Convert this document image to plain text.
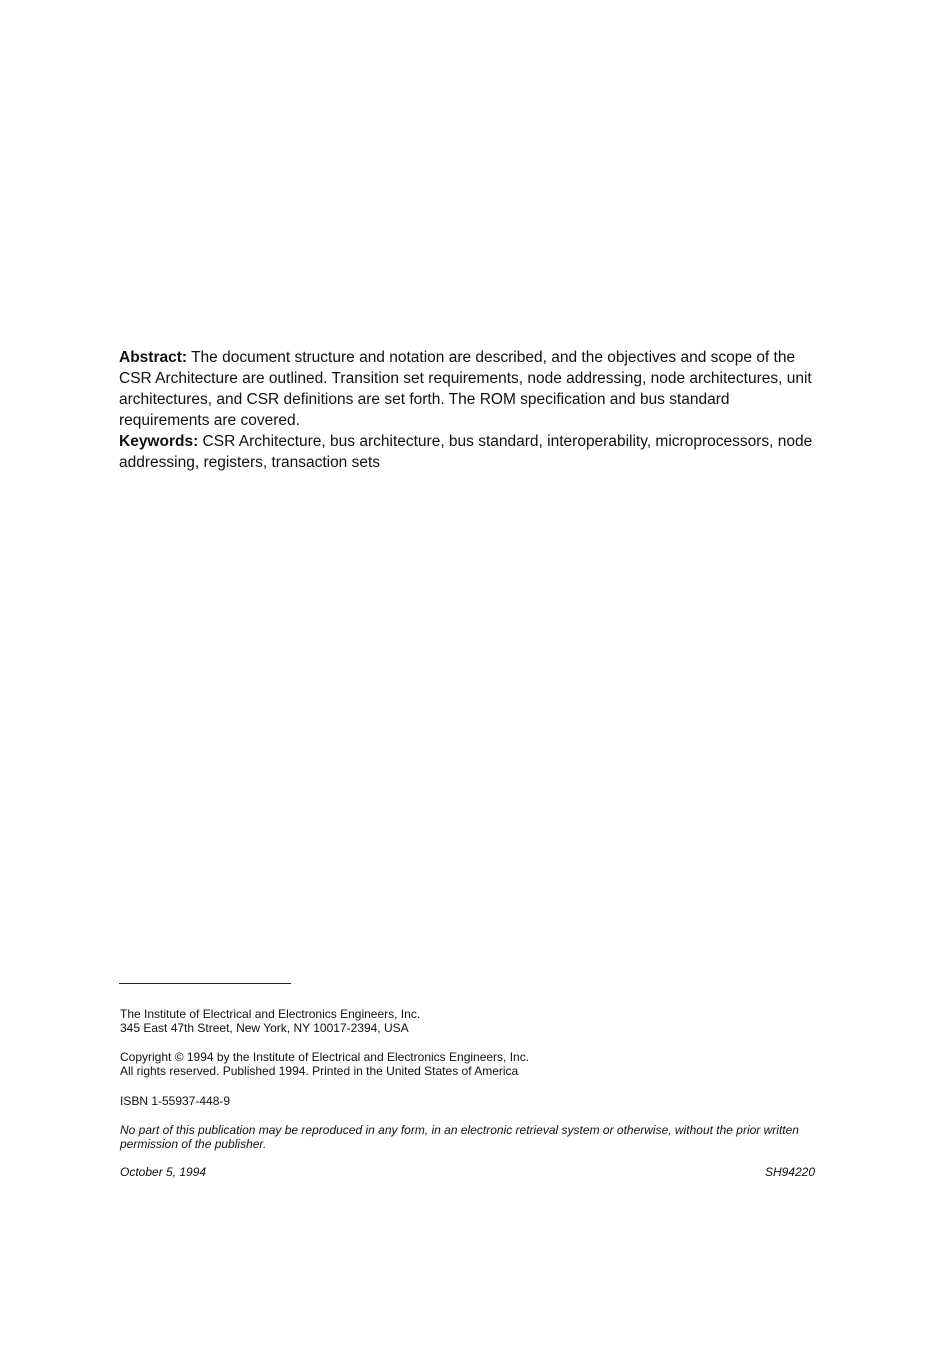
Abstract: The document structure and notation are described, and the objectives and scope of the CSR Architecture are outlined. Transition set requirements, node addressing, node architectures, unit architectures, and CSR definitions are set forth. The ROM specification and bus standard requirements are covered.

Keywords: CSR Architecture, bus architecture, bus standard, interoperability, microprocessors, node addressing, registers, transaction sets

The Institute of Electrical and Electronics Engineers, Inc.

345 East 47th Street, New York, NY 10017-2394, USA

Copyright © 1994 by the Institute of Electrical and Electronics Engineers, Inc.

All rights reserved. Published 1994. Printed in the United States of America

ISBN 1-55937-448-9

No part of this publication may be reproduced in any form, in an electronic retrieval system or otherwise, without the prior written permission of the publisher.

October 5, 1994	SH94220
